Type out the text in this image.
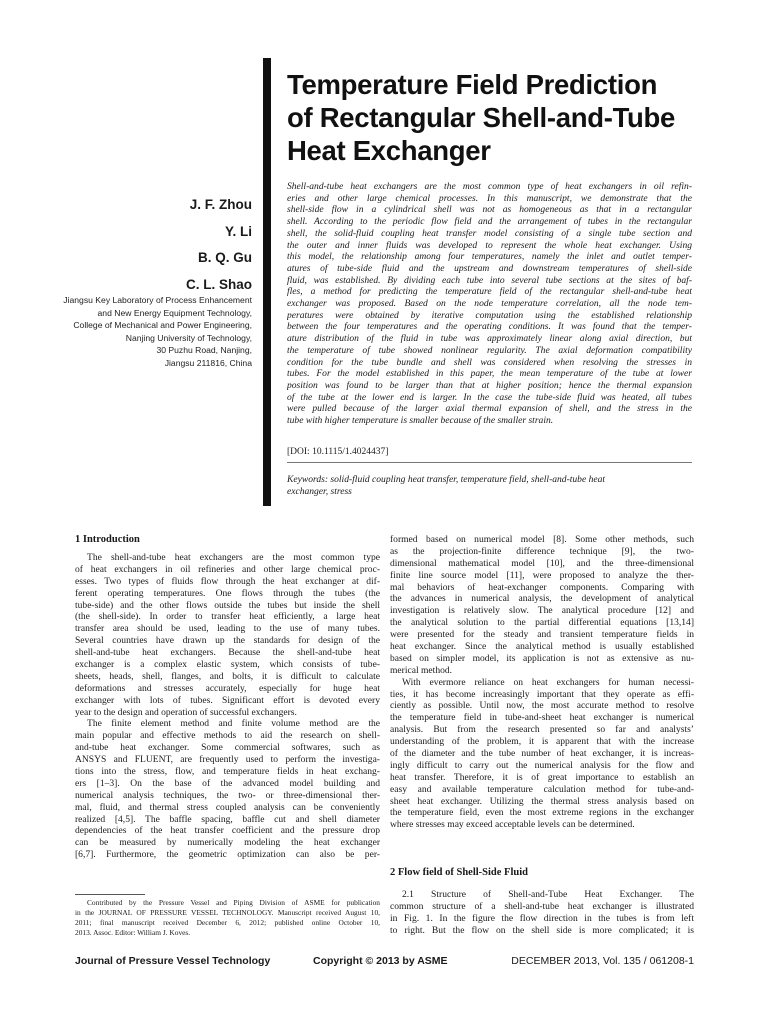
Temperature Field Prediction
of Rectangular Shell-and-Tube
Heat Exchanger
J. F. Zhou
Y. Li
B. Q. Gu
C. L. Shao
Jiangsu Key Laboratory of Process Enhancement
and New Energy Equipment Technology,
College of Mechanical and Power Engineering,
Nanjing University of Technology,
30 Puzhu Road, Nanjing,
Jiangsu 211816, China
Shell-and-tube heat exchangers are the most common type of heat exchangers in oil refin-
eries and other large chemical processes. In this manuscript, we demonstrate that the
shell-side flow in a cylindrical shell was not as homogeneous as that in a rectangular
shell. According to the periodic flow field and the arrangement of tubes in the rectangular
shell, the solid-fluid coupling heat transfer model consisting of a single tube section and
the outer and inner fluids was developed to represent the whole heat exchanger. Using
this model, the relationship among four temperatures, namely the inlet and outlet temper-
atures of tube-side fluid and the upstream and downstream temperatures of shell-side
fluid, was established. By dividing each tube into several tube sections at the sites of baf-
fles, a method for predicting the temperature field of the rectangular shell-and-tube heat
exchanger was proposed. Based on the node temperature correlation, all the node tem-
peratures were obtained by iterative computation using the established relationship
between the four temperatures and the operating conditions. It was found that the temper-
ature distribution of the fluid in tube was approximately linear along axial direction, but
the temperature of tube showed nonlinear regularity. The axial deformation compatibility
condition for the tube bundle and shell was considered when resolving the stresses in
tubes. For the model established in this paper, the mean temperature of the tube at lower
position was found to be larger than that at higher position; hence the thermal expansion
of the tube at the lower end is larger. In the case the tube-side fluid was heated, all tubes
were pulled because of the larger axial thermal expansion of shell, and the stress in the
tube with higher temperature is smaller because of the smaller strain.
[DOI: 10.1115/1.4024437]
Keywords: solid-fluid coupling heat transfer, temperature field, shell-and-tube heat
exchanger, stress
1 Introduction
The shell-and-tube heat exchangers are the most common type
of heat exchangers in oil refineries and other large chemical proc-
esses. Two types of fluids flow through the heat exchanger at dif-
ferent operating temperatures. One flows through the tubes (the
tube-side) and the other flows outside the tubes but inside the shell
(the shell-side). In order to transfer heat efficiently, a large heat
transfer area should be used, leading to the use of many tubes.
Several countries have drawn up the standards for design of the
shell-and-tube heat exchangers. Because the shell-and-tube heat
exchanger is a complex elastic system, which consists of tube-
sheets, heads, shell, flanges, and bolts, it is difficult to calculate
deformations and stresses accurately, especially for huge heat
exchanger with lots of tubes. Significant effort is devoted every
year to the design and operation of successful exchangers.
The finite element method and finite volume method are the
main popular and effective methods to aid the research on shell-
and-tube heat exchanger. Some commercial softwares, such as
ANSYS and FLUENT, are frequently used to perform the investiga-
tions into the stress, flow, and temperature fields in heat exchang-
ers [1–3]. On the base of the advanced model building and
numerical analysis techniques, the two- or three-dimensional ther-
mal, fluid, and thermal stress coupled analysis can be conveniently
realized [4,5]. The baffle spacing, baffle cut and shell diameter
dependencies of the heat transfer coefficient and the pressure drop
can be measured by numerically modeling the heat exchanger
[6,7]. Furthermore, the geometric optimization can also be per-
formed based on numerical model [8]. Some other methods, such
as the projection-finite difference technique [9], the two-
dimensional mathematical model [10], and the three-dimensional
finite line source model [11], were proposed to analyze the ther-
mal behaviors of heat-exchanger components. Comparing with
the advances in numerical analysis, the development of analytical
investigation is relatively slow. The analytical procedure [12] and
the analytical solution to the partial differential equations [13,14]
were presented for the steady and transient temperature fields in
heat exchanger. Since the analytical method is usually established
based on simpler model, its application is not as extensive as nu-
merical method.
With evermore reliance on heat exchangers for human necessi-
ties, it has become increasingly important that they operate as effi-
ciently as possible. Until now, the most accurate method to resolve
the temperature field in tube-and-sheet heat exchanger is numerical
analysis. But from the research presented so far and analysts’
understanding of the problem, it is apparent that with the increase
of the diameter and the tube number of heat exchanger, it is increas-
ingly difficult to carry out the numerical analysis for the flow and
heat transfer. Therefore, it is of great importance to establish an
easy and available temperature calculation method for tube-and-
sheet heat exchanger. Utilizing the thermal stress analysis based on
the temperature field, even the most extreme regions in the exchanger
where stresses may exceed acceptable levels can be determined.
2 Flow field of Shell-Side Fluid
2.1 Structure of Shell-and-Tube Heat Exchanger. The
common structure of a shell-and-tube heat exchanger is illustrated
in Fig. 1. In the figure the flow direction in the tubes is from left
to right. But the flow on the shell side is more complicated; it is
Contributed by the Pressure Vessel and Piping Division of ASME for publication
in the JOURNAL OF PRESSURE VESSEL TECHNOLOGY. Manuscript received August 10,
2011; final manuscript received December 6, 2012; published online October 10,
2013. Assoc. Editor: William J. Koves.
Journal of Pressure Vessel Technology	Copyright © 2013 by ASME	DECEMBER 2013, Vol. 135 / 061208-1
